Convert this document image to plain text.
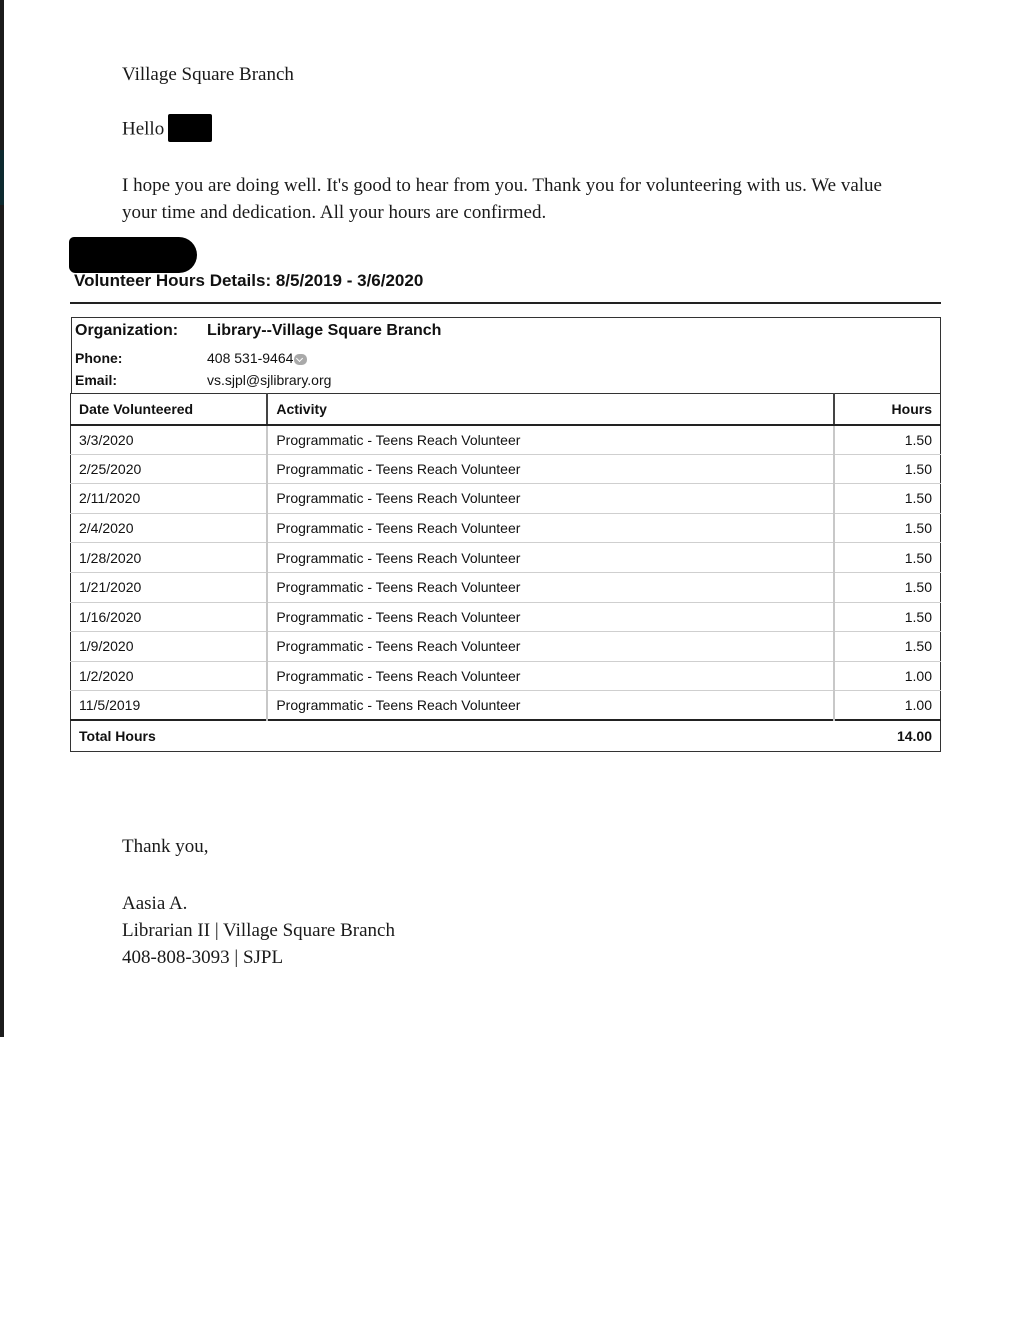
Village Square Branch
Hello
I hope you are doing well. It's good to hear from you. Thank you for volunteering with us. We value your time and dedication. All your hours are confirmed.
Volunteer Hours Details: 8/5/2019 - 3/6/2020
Organization: Library--Village Square Branch
Phone:	408 531-9464
Email:	vs.sjpl@sjlibrary.org
Date Volunteered	Activity	Hours
3/3/2020	Programmatic - Teens Reach Volunteer	1.50
2/25/2020	Programmatic - Teens Reach Volunteer	1.50
2/11/2020	Programmatic - Teens Reach Volunteer	1.50
2/4/2020	Programmatic - Teens Reach Volunteer	1.50
1/28/2020	Programmatic - Teens Reach Volunteer	1.50
1/21/2020	Programmatic - Teens Reach Volunteer	1.50
1/16/2020	Programmatic - Teens Reach Volunteer	1.50
1/9/2020	Programmatic - Teens Reach Volunteer	1.50
1/2/2020	Programmatic - Teens Reach Volunteer	1.00
11/5/2019	Programmatic - Teens Reach Volunteer	1.00
Total Hours		14.00
Thank you,
Aasia A.
Librarian II | Village Square Branch
408-808-3093 | SJPL
